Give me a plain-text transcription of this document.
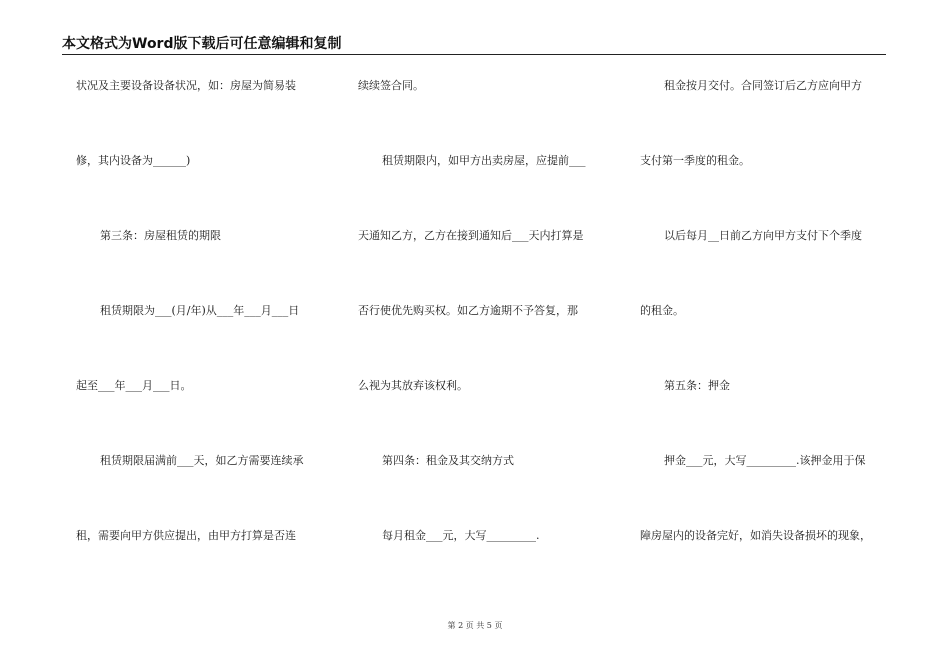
本文格式为Word版下载后可任意编辑和复制

状况及主要设备设备状况，如：房屋为简易装

修，其内设备为______)

第三条：房屋租赁的期限

租赁期限为___(月/年)从___年___月___日

起至___年___月___日。

租赁期限届满前___天，如乙方需要连续承

租，需要向甲方供应提出，由甲方打算是否连

续续签合同。

租赁期限内，如甲方出卖房屋，应提前___

天通知乙方，乙方在接到通知后___天内打算是

否行使优先购买权。如乙方逾期不予答复，那

么视为其放弃该权利。

第四条：租金及其交纳方式

每月租金___元，大写_________.

租金按月交付。合同签订后乙方应向甲方

支付第一季度的租金。

以后每月__日前乙方向甲方支付下个季度

的租金。

第五条：押金

押金___元，大写_________.该押金用于保

障房屋内的设备完好，如消失设备损坏的现象，

第 2 页 共 5 页
